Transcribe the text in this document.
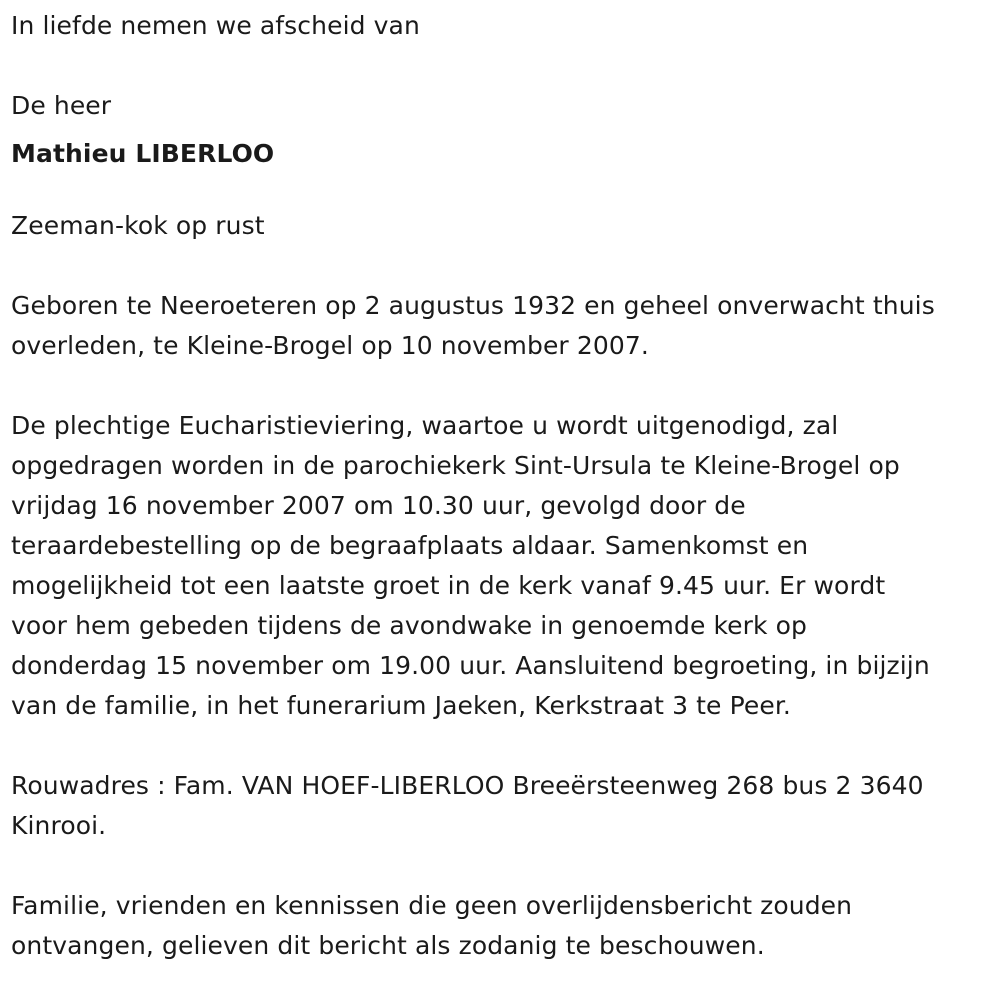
In liefde nemen we afscheid van

De heer

Mathieu LIBERLOO

Zeeman-kok op rust

Geboren te Neeroeteren op 2 augustus 1932 en geheel onverwacht thuis

overleden, te Kleine-Brogel op 10 november 2007.

De plechtige Eucharistieviering, waartoe u wordt uitgenodigd, zal

opgedragen worden in de parochiekerk Sint-Ursula te Kleine-Brogel op

vrijdag 16 november 2007 om 10.30 uur, gevolgd door de

teraardebestelling op de begraafplaats aldaar. Samenkomst en

mogelijkheid tot een laatste groet in de kerk vanaf 9.45 uur. Er wordt

voor hem gebeden tijdens de avondwake in genoemde kerk op

donderdag 15 november om 19.00 uur. Aansluitend begroeting, in bijzijn

van de familie, in het funerarium Jaeken, Kerkstraat 3 te Peer.

Rouwadres : Fam. VAN HOEF-LIBERLOO Breeërsteenweg 268 bus 2 3640

Kinrooi.

Familie, vrienden en kennissen die geen overlijdensbericht zouden

ontvangen, gelieven dit bericht als zodanig te beschouwen.
